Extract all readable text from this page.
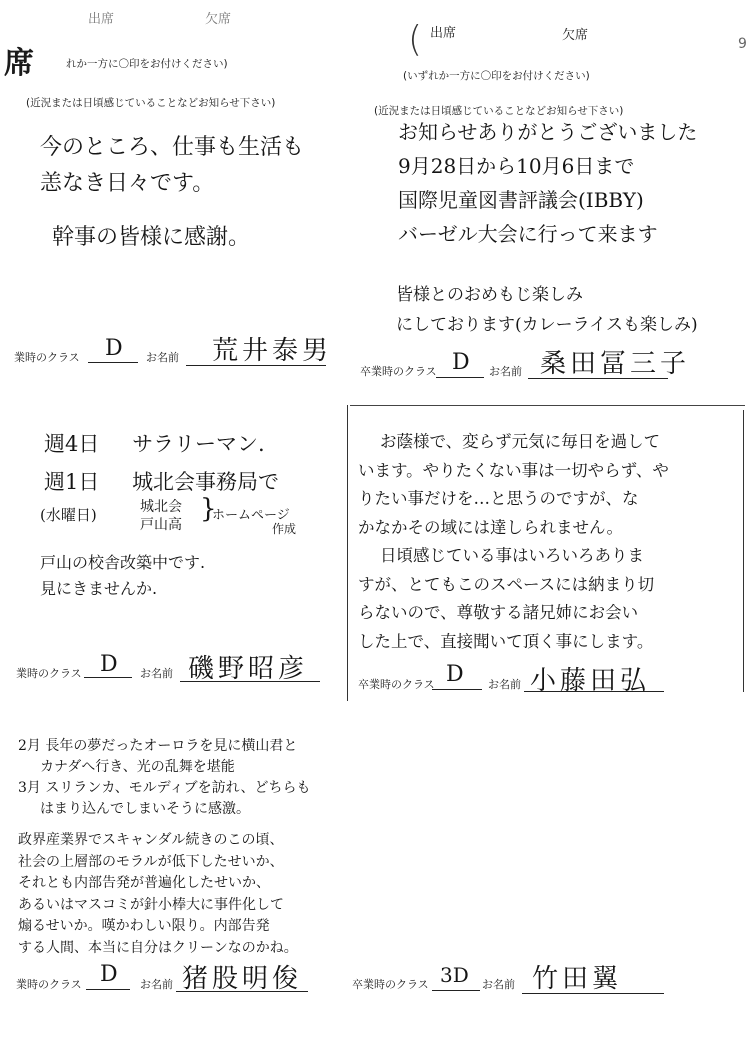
出席	欠席
席	れか一方に〇印をお付けください)
(近況または日頃感じていることなどお知らせ下さい)
今のところ、仕事も生活も
恙なき日々です。
幹事の皆様に感謝。
業時のクラス D お名前 荒井泰男
( 出席	欠席
9
(いずれか一方に〇印をお付けください)
(近況または日頃感じていることなどお知らせ下さい)
お知らせありがとうございました
9月28日から10月6日まで
国際児童図書評議会(IBBY)
バーゼル大会に行って来ます
皆様とのおめもじ楽しみ
にしております(カレーライスも楽しみ)
卒業時のクラス D お名前 桑田冨三子
週4日 サラリーマン.
週1日 城北会事務局で
(水曜日)	城北会
戸山高
}
ホームページ
作成
戸山の校舎改築中です.
見にきませんか.
業時のクラス D お名前 磯野昭彦
お蔭様で、変らず元気に毎日を過して
います。やりたくない事は一切やらず、や
りたい事だけを…と思うのですが、な
かなかその域には達しられません。
日頃感じている事はいろいろありま
すが、とてもこのスペースには納まり切
らないので、尊敬する諸兄姉にお会い
した上で、直接聞いて頂く事にします。
卒業時のクラス D お名前 小藤田弘
2月 長年の夢だったオーロラを見に横山君と
カナダへ行き、光の乱舞を堪能
3月 スリランカ、モルディブを訪れ、どちらも
はまり込んでしまいそうに感激。
政界産業界でスキャンダル続きのこの頃、
社会の上層部のモラルが低下したせいか、
それとも内部告発が普遍化したせいか、
あるいはマスコミが針小棒大に事件化して
煽るせいか。嘆かわしい限り。内部告発
する人間、本当に自分はクリーンなのかね。
業時のクラス D お名前 猪股明俊	卒業時のクラス 3D お名前 竹田翼
